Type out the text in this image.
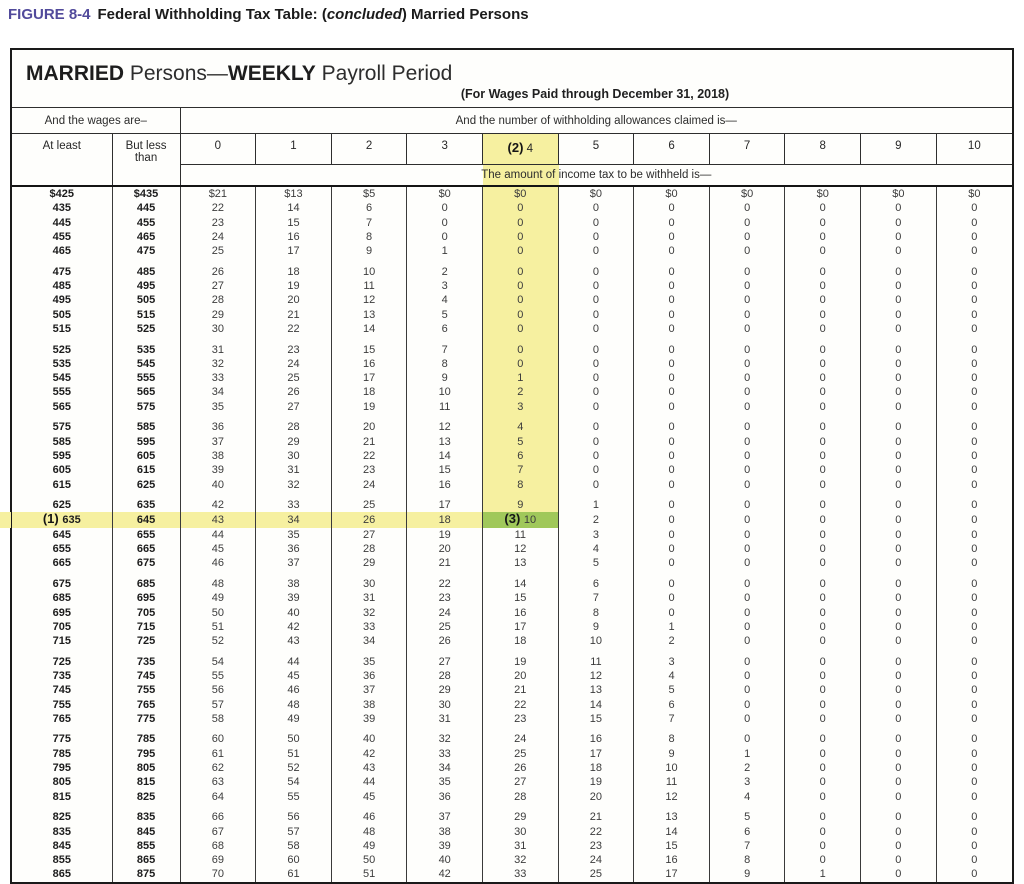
FIGURE 8-4 Federal Withholding Tax Table: (concluded) Married Persons
MARRIED Persons—WEEKLY Payroll Period
(For Wages Paid through December 31, 2018)
And the wages are–		And the number of withholding allowances claimed is—										
At least	But less
than	0	1	2	3	(2) 4	5	6	7	8	9	10

The amount of income tax to be withheld is—										
$425	$435	$21	$13	$5	$0	$0	$0	$0	$0	$0	$0	$0
435	445	22	14	6	0	0	0	0	0	0	0	0
445	455	23	15	7	0	0	0	0	0	0	0	0
455	465	24	16	8	0	0	0	0	0	0	0	0
465	475	25	17	9	1	0	0	0	0	0	0	0

475	485	26	18	10	2	0	0	0	0	0	0	0
485	495	27	19	11	3	0	0	0	0	0	0	0
495	505	28	20	12	4	0	0	0	0	0	0	0
505	515	29	21	13	5	0	0	0	0	0	0	0
515	525	30	22	14	6	0	0	0	0	0	0	0

525	535	31	23	15	7	0	0	0	0	0	0	0
535	545	32	24	16	8	0	0	0	0	0	0	0
545	555	33	25	17	9	1	0	0	0	0	0	0
555	565	34	26	18	10	2	0	0	0	0	0	0
565	575	35	27	19	11	3	0	0	0	0	0	0

575	585	36	28	20	12	4	0	0	0	0	0	0
585	595	37	29	21	13	5	0	0	0	0	0	0
595	605	38	30	22	14	6	0	0	0	0	0	0
605	615	39	31	23	15	7	0	0	0	0	0	0
615	625	40	32	24	16	8	0	0	0	0	0	0

625	635	42	33	25	17	9	1	0	0	0	0	0
(1) 635	645	43	34	26	18	(3) 10	2	0	0	0	0	0
645	655	44	35	27	19	11	3	0	0	0	0	0
655	665	45	36	28	20	12	4	0	0	0	0	0
665	675	46	37	29	21	13	5	0	0	0	0	0

675	685	48	38	30	22	14	6	0	0	0	0	0
685	695	49	39	31	23	15	7	0	0	0	0	0
695	705	50	40	32	24	16	8	0	0	0	0	0
705	715	51	42	33	25	17	9	1	0	0	0	0
715	725	52	43	34	26	18	10	2	0	0	0	0

725	735	54	44	35	27	19	11	3	0	0	0	0
735	745	55	45	36	28	20	12	4	0	0	0	0
745	755	56	46	37	29	21	13	5	0	0	0	0
755	765	57	48	38	30	22	14	6	0	0	0	0
765	775	58	49	39	31	23	15	7	0	0	0	0

775	785	60	50	40	32	24	16	8	0	0	0	0
785	795	61	51	42	33	25	17	9	1	0	0	0
795	805	62	52	43	34	26	18	10	2	0	0	0
805	815	63	54	44	35	27	19	11	3	0	0	0
815	825	64	55	45	36	28	20	12	4	0	0	0

825	835	66	56	46	37	29	21	13	5	0	0	0
835	845	67	57	48	38	30	22	14	6	0	0	0
845	855	68	58	49	39	31	23	15	7	0	0	0
855	865	69	60	50	40	32	24	16	8	0	0	0
865	875	70	61	51	42	33	25	17	9	1	0	0
